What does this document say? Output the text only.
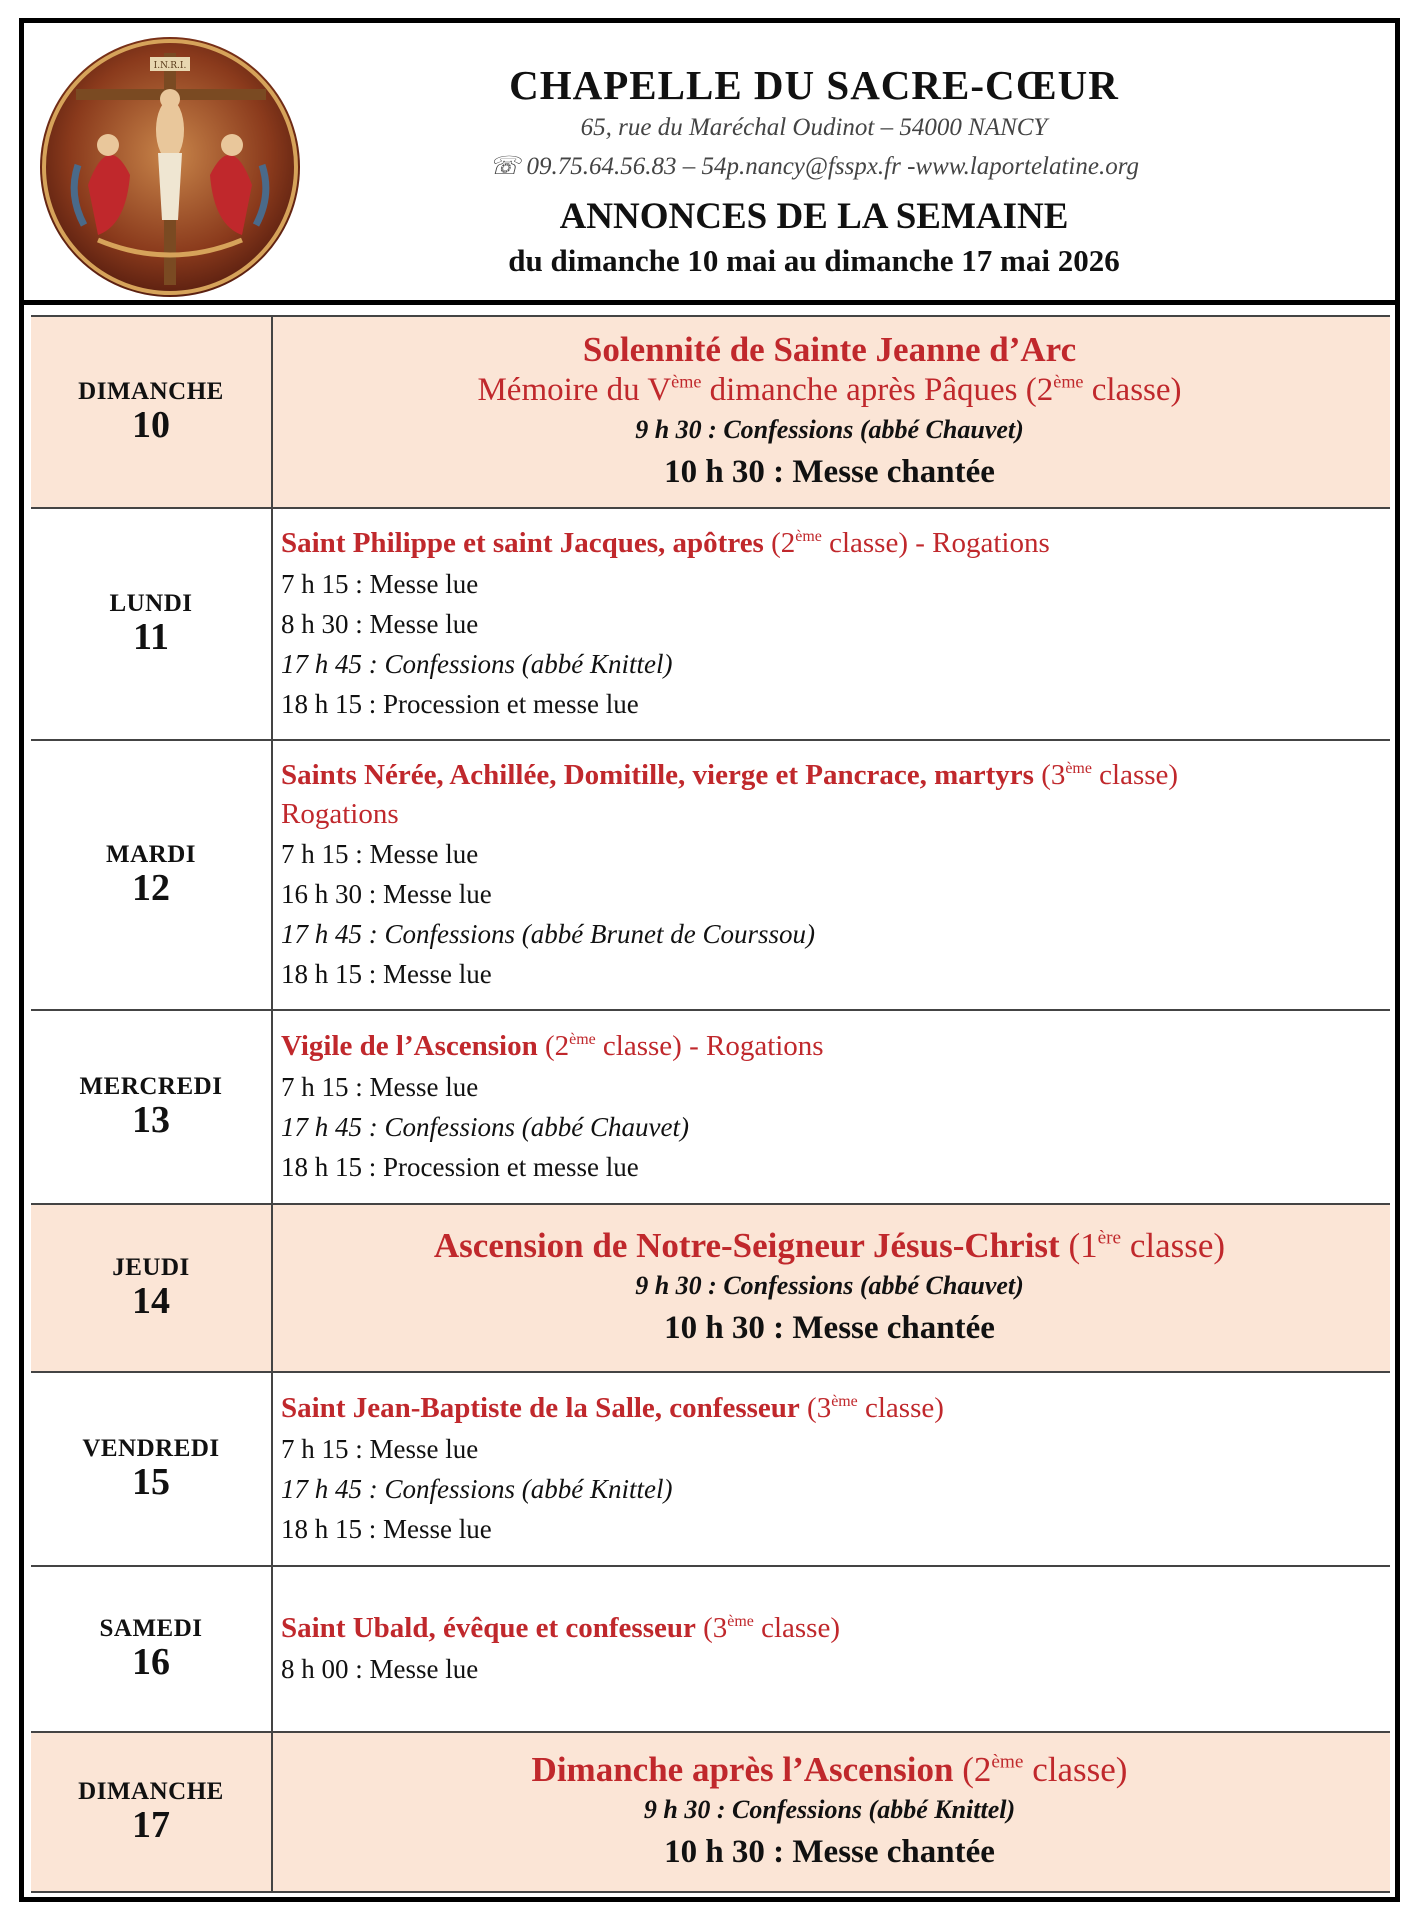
I.N.R.I.	CHAPELLE DU SACRE-CŒUR
65, rue du Maréchal Oudinot – 54000 NANCY
☏ 09.75.64.56.83 – 54p.nancy@fsspx.fr -www.laportelatine.org
ANNONCES DE LA SEMAINE
du dimanche 10 mai au dimanche 17 mai 2026
DIMANCHE
10
Solennité de Sainte Jeanne d’Arc
Mémoire du Vème dimanche après Pâques (2ème classe)
9 h 30 : Confessions (abbé Chauvet)
10 h 30 : Messe chantée
LUNDI
11
Saint Philippe et saint Jacques, apôtres (2ème classe) - Rogations
7 h 15 : Messe lue
8 h 30 : Messe lue
17 h 45 : Confessions (abbé Knittel)
18 h 15 : Procession et messe lue
MARDI
12
Saints Nérée, Achillée, Domitille, vierge et Pancrace, martyrs (3ème classe)
Rogations
7 h 15 : Messe lue
16 h 30 : Messe lue
17 h 45 : Confessions (abbé Brunet de Courssou)
18 h 15 : Messe lue
MERCREDI
13
Vigile de l’Ascension (2ème classe) - Rogations
7 h 15 : Messe lue
17 h 45 : Confessions (abbé Chauvet)
18 h 15 : Procession et messe lue
JEUDI
14
Ascension de Notre-Seigneur Jésus-Christ (1ère classe)
9 h 30 : Confessions (abbé Chauvet)
10 h 30 : Messe chantée
VENDREDI
15
Saint Jean-Baptiste de la Salle, confesseur (3ème classe)
7 h 15 : Messe lue
17 h 45 : Confessions (abbé Knittel)
18 h 15 : Messe lue
SAMEDI
16
Saint Ubald, évêque et confesseur (3ème classe)
8 h 00 : Messe lue
DIMANCHE
17
Dimanche après l’Ascension (2ème classe)
9 h 30 : Confessions (abbé Knittel)
10 h 30 : Messe chantée
